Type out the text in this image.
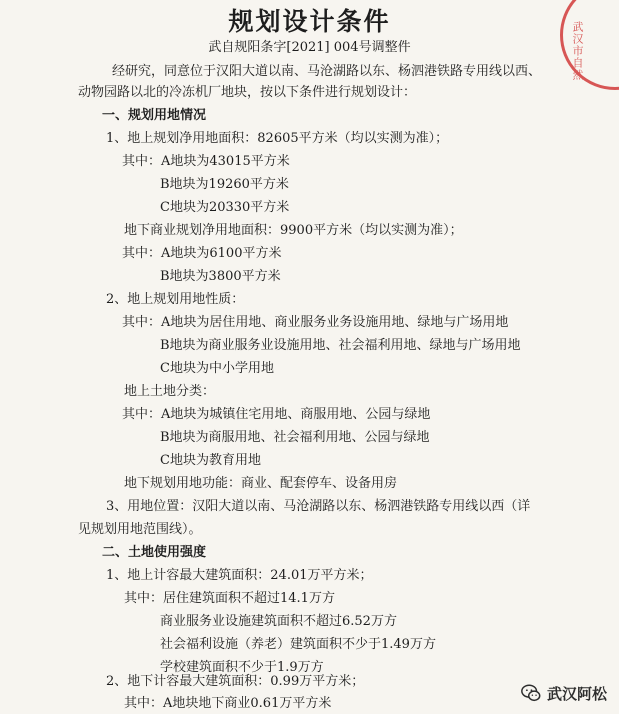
武汉市自然
规划设计条件
武自规阳条字[2021] 004号调整件
经研究，同意位于汉阳大道以南、马沧湖路以东、杨泗港铁路专用线以西、
动物园路以北的冷冻机厂地块，按以下条件进行规划设计：
一、规划用地情况
1、地上规划净用地面积：82605平方米（均以实测为准）；
其中：A地块为43015平方米
B地块为19260平方米
C地块为20330平方米
地下商业规划净用地面积：9900平方米（均以实测为准）；
其中：A地块为6100平方米
B地块为3800平方米
2、地上规划用地性质：
其中：A地块为居住用地、商业服务业务设施用地、绿地与广场用地
B地块为商业服务业设施用地、社会福利用地、绿地与广场用地
C地块为中小学用地
地上土地分类：
其中：A地块为城镇住宅用地、商服用地、公园与绿地
B地块为商服用地、社会福利用地、公园与绿地
C地块为教育用地
地下规划用地功能：商业、配套停车、设备用房
3、用地位置：汉阳大道以南、马沧湖路以东、杨泗港铁路专用线以西（详
见规划用地范围线）。
二、土地使用强度
1、地上计容最大建筑面积：24.01万平方米；
其中：居住建筑面积不超过14.1万方
商业服务业设施建筑面积不超过6.52万方
社会福利设施（养老）建筑面积不少于1.49万方
学校建筑面积不少于1.9万方
2、地下计容最大建筑面积：0.99万平方米；
其中：A地块地下商业0.61万平方米
武汉阿松
